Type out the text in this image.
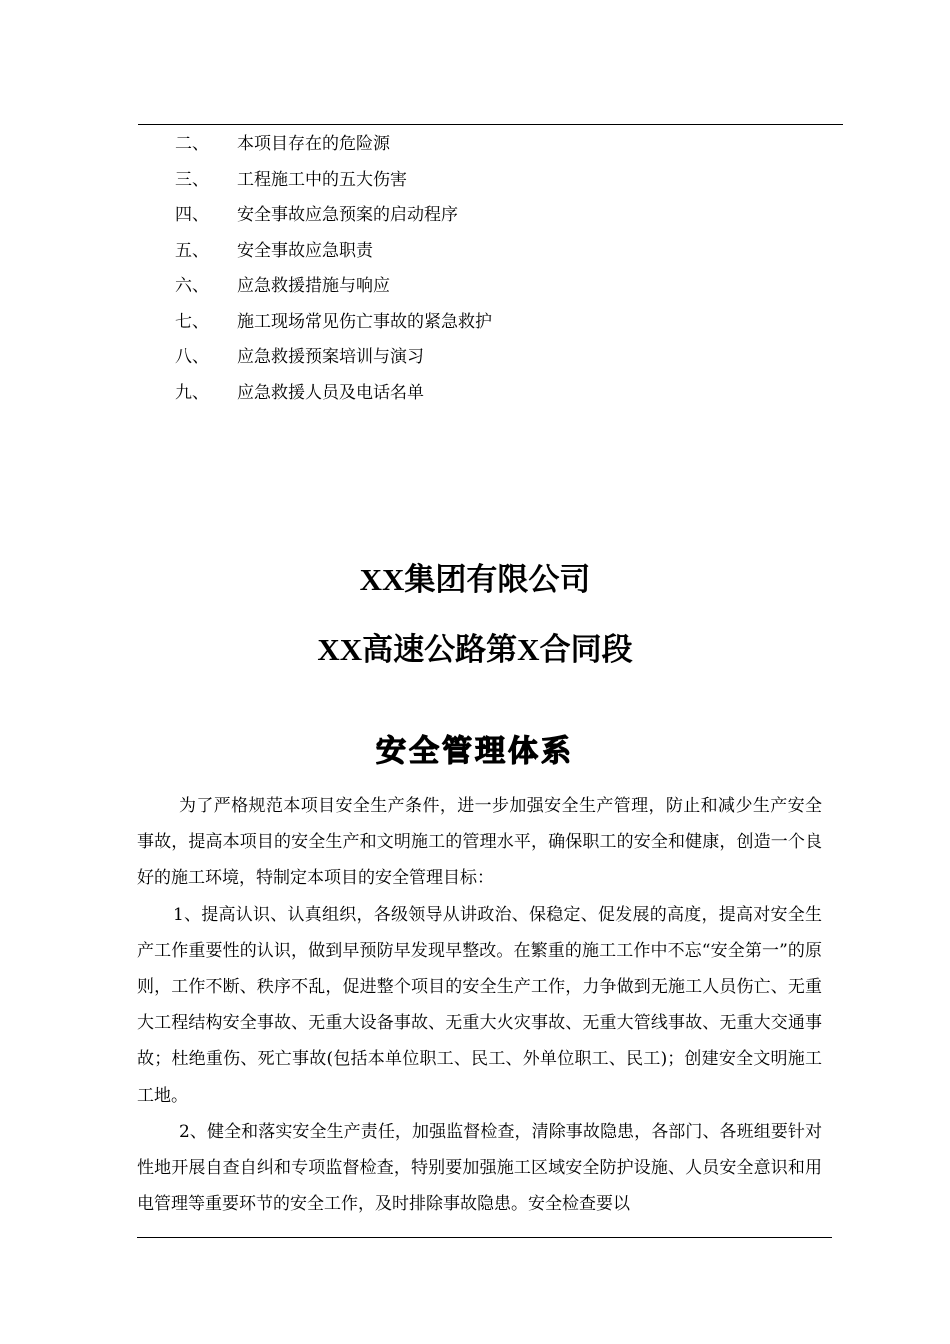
二、 本项目存在的危险源
三、 工程施工中的五大伤害
四、 安全事故应急预案的启动程序
五、 安全事故应急职责
六、 应急救援措施与响应
七、 施工现场常见伤亡事故的紧急救护
八、 应急救援预案培训与演习
九、 应急救援人员及电话名单
XX集团有限公司
XX高速公路第X合同段
安全管理体系

为了严格规范本项目安全生产条件，进一步加强安全生产管理，防止和减少生产安全事故，提高本项目的安全生产和文明施工的管理水平，确保职工的安全和健康，创造一个良好的施工环境，特制定本项目的安全管理目标：

1、提高认识、认真组织，各级领导从讲政治、保稳定、促发展的高度，提高对安全生产工作重要性的认识，做到早预防早发现早整改。在繁重的施工工作中不忘“安全第一”的原则，工作不断、秩序不乱，促进整个项目的安全生产工作，力争做到无施工人员伤亡、无重大工程结构安全事故、无重大设备事故、无重大火灾事故、无重大管线事故、无重大交通事故；杜绝重伤、死亡事故(包括本单位职工、民工、外单位职工、民工)；创建安全文明施工工地。

2、健全和落实安全生产责任，加强监督检查，清除事故隐患，各部门、各班组要针对性地开展自查自纠和专项监督检查，特别要加强施工区域安全防护设施、人员安全意识和用电管理等重要环节的安全工作，及时排除事故隐患。安全检查要以
